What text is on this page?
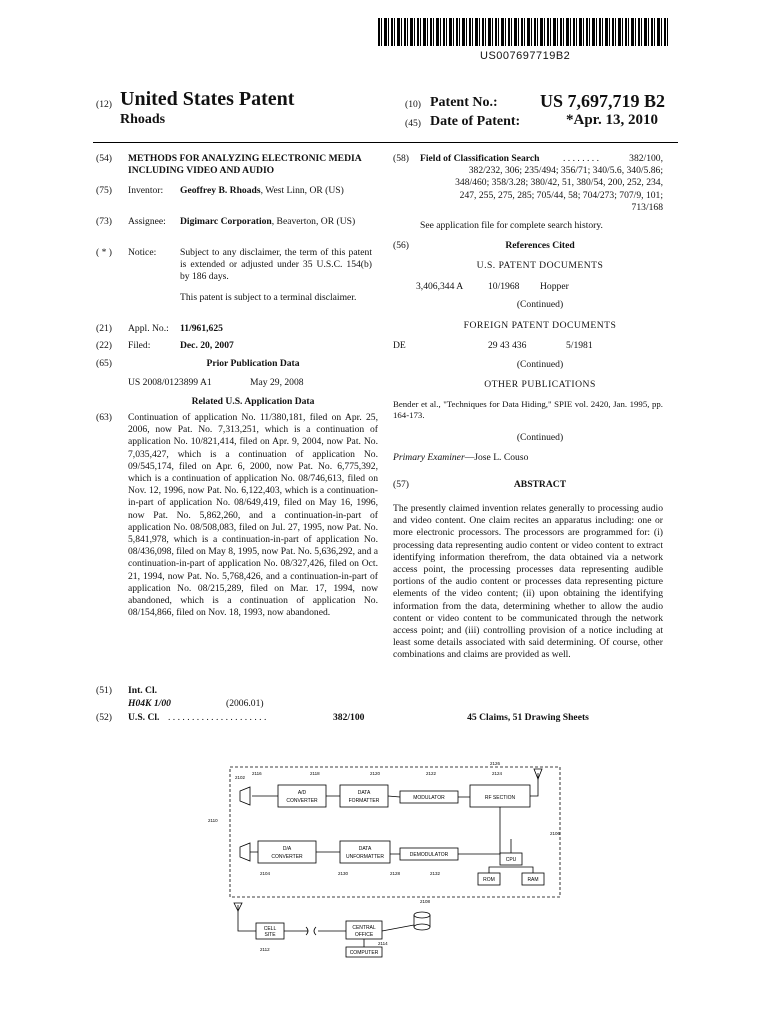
US007697719B2
(12) United States Patent
Rhoads
(10) Patent No.: US 7,697,719 B2
(45) Date of Patent:	*Apr. 13, 2010
(54) METHODS FOR ANALYZING ELECTRONIC MEDIA INCLUDING VIDEO AND AUDIO
(75) Inventor: Geoffrey B. Rhoads, West Linn, OR (US)
(73) Assignee: Digimarc Corporation, Beaverton, OR (US)
( * ) Notice: Subject to any disclaimer, the term of this patent is extended or adjusted under 35 U.S.C. 154(b) by 186 days.
This patent is subject to a terminal disclaimer.
(21) Appl. No.: 11/961,625
(22) Filed:	Dec. 20, 2007
(65)	Prior Publication Data
US 2008/0123899 A1	May 29, 2008
Related U.S. Application Data
(63) Continuation of application No. 11/380,181, filed on Apr. 25, 2006, now Pat. No. 7,313,251, which is a continuation of application No. 10/821,414, filed on Apr. 9, 2004, now Pat. No. 7,035,427, which is a continuation of application No. 09/545,174, filed on Apr. 6, 2000, now Pat. No. 6,775,392, which is a continuation of application No. 08/746,613, filed on Nov. 12, 1996, now Pat. No. 6,122,403, which is a continuation-in-part of application No. 08/649,419, filed on May 16, 1996, now Pat. No. 5,862,260, and a continuation-in-part of application No. 08/508,083, filed on Jul. 27, 1995, now Pat. No. 5,841,978, which is a continuation-in-part of application No. 08/436,098, filed on May 8, 1995, now Pat. No. 5,636,292, and a continuation-in-part of application No. 08/327,426, filed on Oct. 21, 1994, now Pat. No. 5,768,426, and a continuation-in-part of application No. 08/215,289, filed on Mar. 17, 1994, now abandoned, which is a continuation of application No. 08/154,866, filed on Nov. 18, 1993, now abandoned.
(51) Int. Cl.
H04K 1/00	(2006.01)
(52) U.S. Cl. . . . . . . . . . . . . . . . . . . . . .	382/100
(58) Field of Classification Search . . . . . . . .	382/100, 382/232, 306; 235/494; 356/71; 340/5.6, 340/5.86; 348/460; 358/3.28; 380/42, 51, 380/54, 200, 252, 234, 247, 255, 275, 285; 705/44, 58; 704/273; 707/9, 101; 713/168
See application file for complete search history.
(56)	References Cited
U.S. PATENT DOCUMENTS
3,406,344 A	10/1968 Hopper
(Continued)
FOREIGN PATENT DOCUMENTS
DE	29 43 436	5/1981
(Continued)
OTHER PUBLICATIONS
Bender et al., "Techniques for Data Hiding," SPIE vol. 2420, Jan. 1995, pp. 164-173.
(Continued)
Primary Examiner—Jose L. Couso
(57)	ABSTRACT
The presently claimed invention relates generally to processing audio and video content. One claim recites an apparatus including: one or more electronic processors. The processors are programmed for: (i) processing data representing audio content or video content to extract identifying information therefrom, the data obtained via a network access point, the processing processes data representing audible portions of the audio content or processes data representing picture elements of the video content; (ii) upon obtaining the identifying information from the data, determining whether to allow the audio content or video content to be communicated through the network access point; and (iii) controlling provision of a notice including at least some details associated with said determining. Of course, other combinations and claims are provided as well.
45 Claims, 51 Drawing Sheets
A/D
CONVERTER
DATA
FORMATTER	MODULATOR	RF SECTION
D/A
CONVERTER
DATA
UNFORMATTER	DEMODULATOR
CPU
ROM	RAM
CELL
SITE
CENTRAL
OFFICE
COMPUTER
2116	2118	2120	2122	2124
2126
2102
2110
2130	2128
2104	2132
2108
2114
2112
2106
